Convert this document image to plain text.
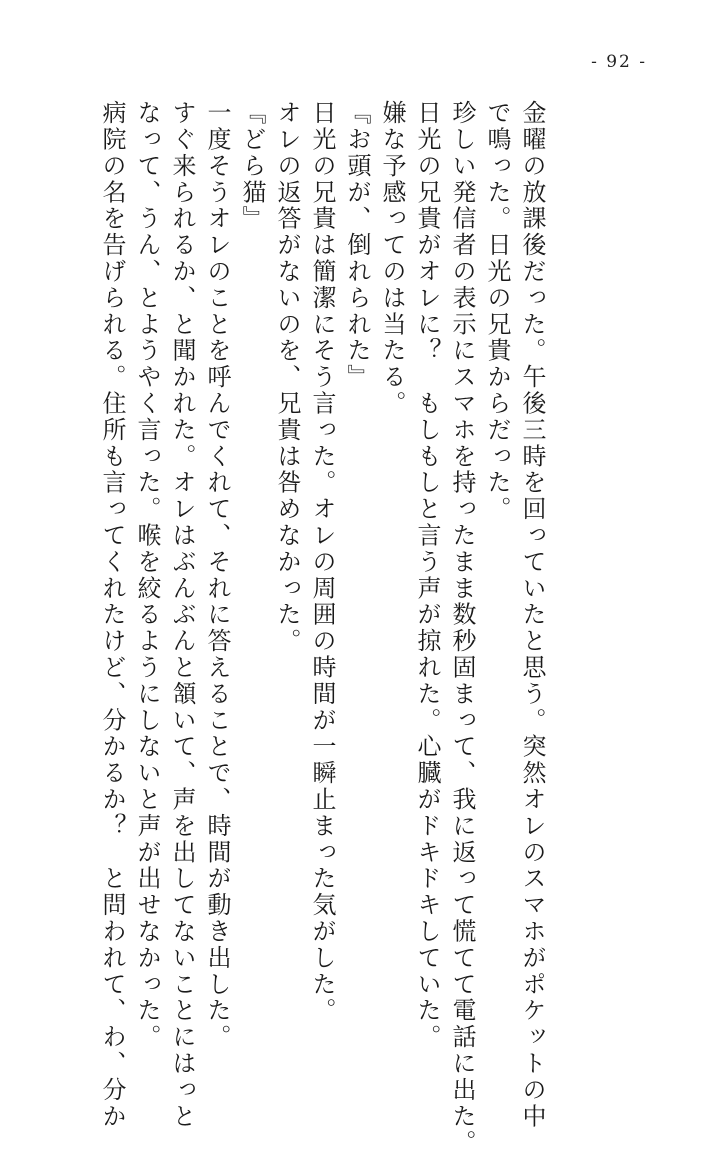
- 92 -
金曜の放課後だった。午後三時を回っていたと思う。突然オレのスマホがポケットの中
で鳴った。日光の兄貴からだった。
珍しい発信者の表示にスマホを持ったまま数秒固まって、我に返って慌てて電話に出た。
日光の兄貴がオレに？　もしもしと言う声が掠れた。心臓がドキドキしていた。
嫌な予感ってのは当たる。
『お頭が、倒れられた』
日光の兄貴は簡潔にそう言った。オレの周囲の時間が一瞬止まった気がした。
オレの返答がないのを、兄貴は咎めなかった。
『どら猫』
一度そうオレのことを呼んでくれて、それに答えることで、時間が動き出した。
すぐ来られるか、と聞かれた。オレはぶんぶんと頷いて、声を出してないことにはっと
なって、うん、とようやく言った。喉を絞るようにしないと声が出せなかった。
病院の名を告げられる。住所も言ってくれたけど、分かるか？　と問われて、わ、分か
